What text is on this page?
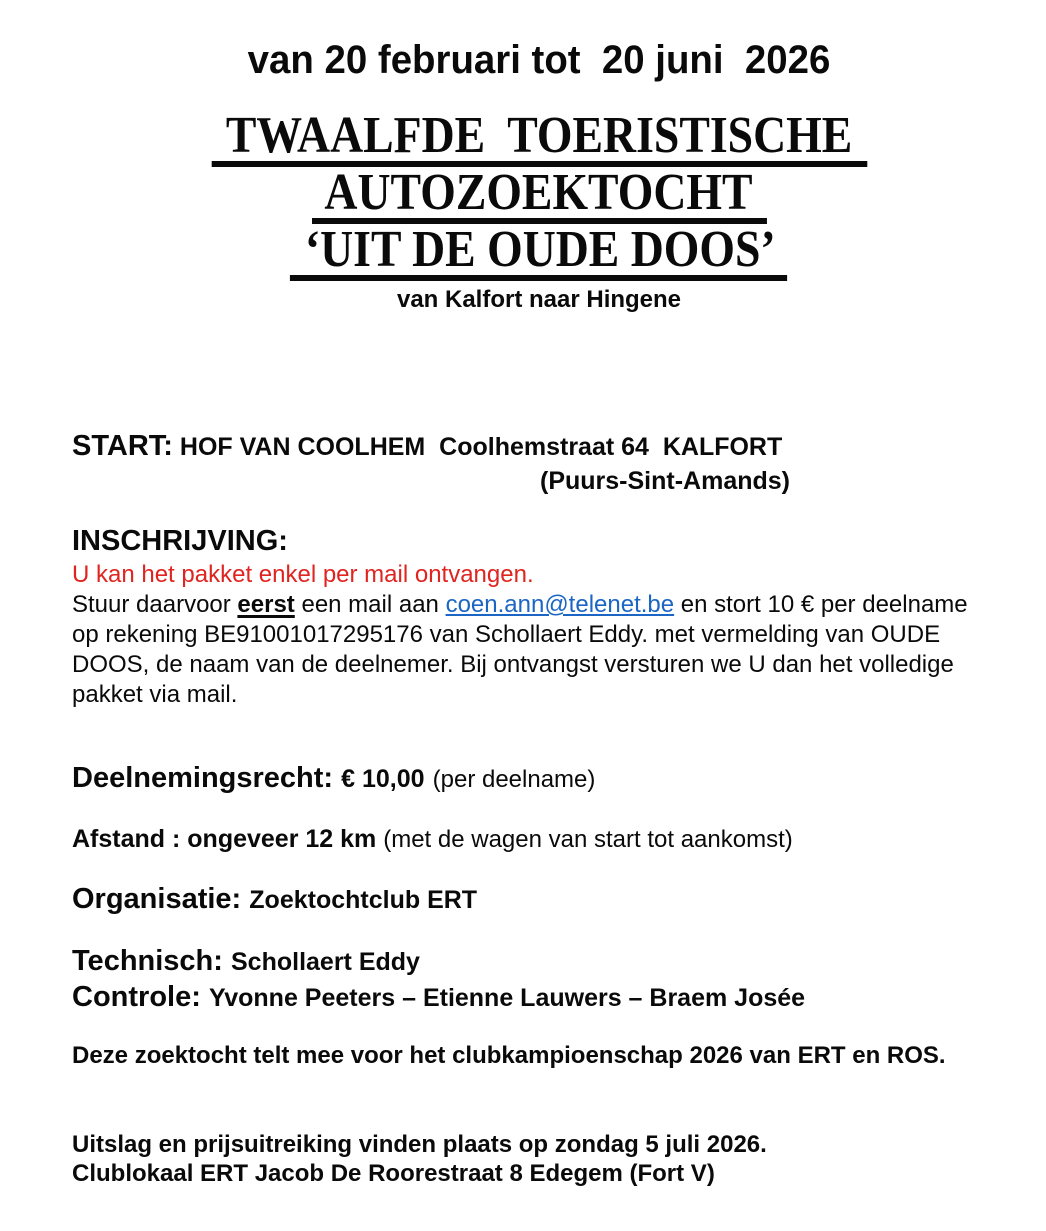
van 20 februari tot  20 juni  2026
TWAALFDE  TOERISTISCHE
AUTOZOEKTOCHT
‘UIT DE OUDE DOOS’
van Kalfort naar Hingene
START: HOF VAN COOLHEM  Coolhemstraat 64  KALFORT
(Puurs-Sint-Amands)
INSCHRIJVING:
U kan het pakket enkel per mail ontvangen.

Stuur daarvoor eerst een mail aan coen.ann@telenet.be en stort 10 € per deelname
op rekening BE91001017295176 van Schollaert Eddy. met vermelding van OUDE
DOOS, de naam van de deelnemer. Bij ontvangst versturen we U dan het volledige
pakket via mail.

Deelnemingsrecht: € 10,00 (per deelname)
Afstand : ongeveer 12 km (met de wagen van start tot aankomst)
Organisatie: Zoektochtclub ERT
Technisch: Schollaert Eddy
Controle: Yvonne Peeters – Etienne Lauwers – Braem Josée
Deze zoektocht telt mee voor het clubkampioenschap 2026 van ERT en ROS.
Uitslag en prijsuitreiking vinden plaats op zondag 5 juli 2026.
Clublokaal ERT Jacob De Roorestraat 8 Edegem (Fort V)
